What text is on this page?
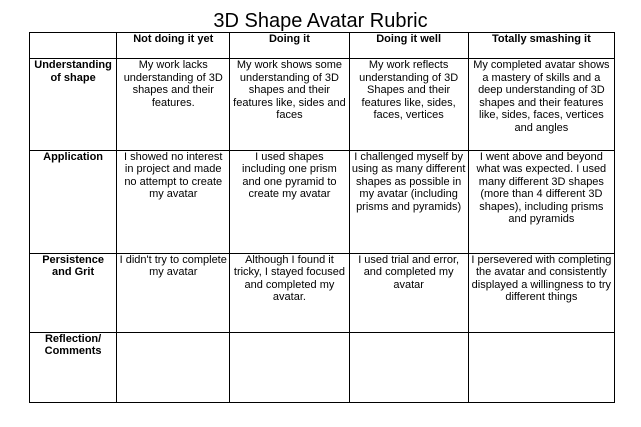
3D Shape Avatar Rubric
	Not doing it yet	Doing it	Doing it well	Totally smashing it
Understanding of shape	My work lacks understanding of 3D shapes and their features.	My work shows some understanding of 3D shapes and their features like, sides and faces	My work reflects understanding of 3D Shapes and their features like, sides, faces, vertices	My completed avatar shows a mastery of skills and a deep understanding of 3D shapes and their features like, sides, faces, vertices and angles
Application	I showed no interest in project and made no attempt to create my avatar	I used shapes including one prism and one pyramid to create my avatar	I challenged myself by using as many different shapes as possible in my avatar (including prisms and pyramids)	I went above and beyond what was expected. I used many different 3D shapes (more than 4 different 3D shapes), including prisms and pyramids
Persistence and Grit	I didn't try to complete my avatar	Although I found it tricky, I stayed focused and completed my avatar.	I used trial and error, and completed my avatar	I persevered with completing the avatar and consistently displayed a willingness to try different things
Reflection/ Comments				
